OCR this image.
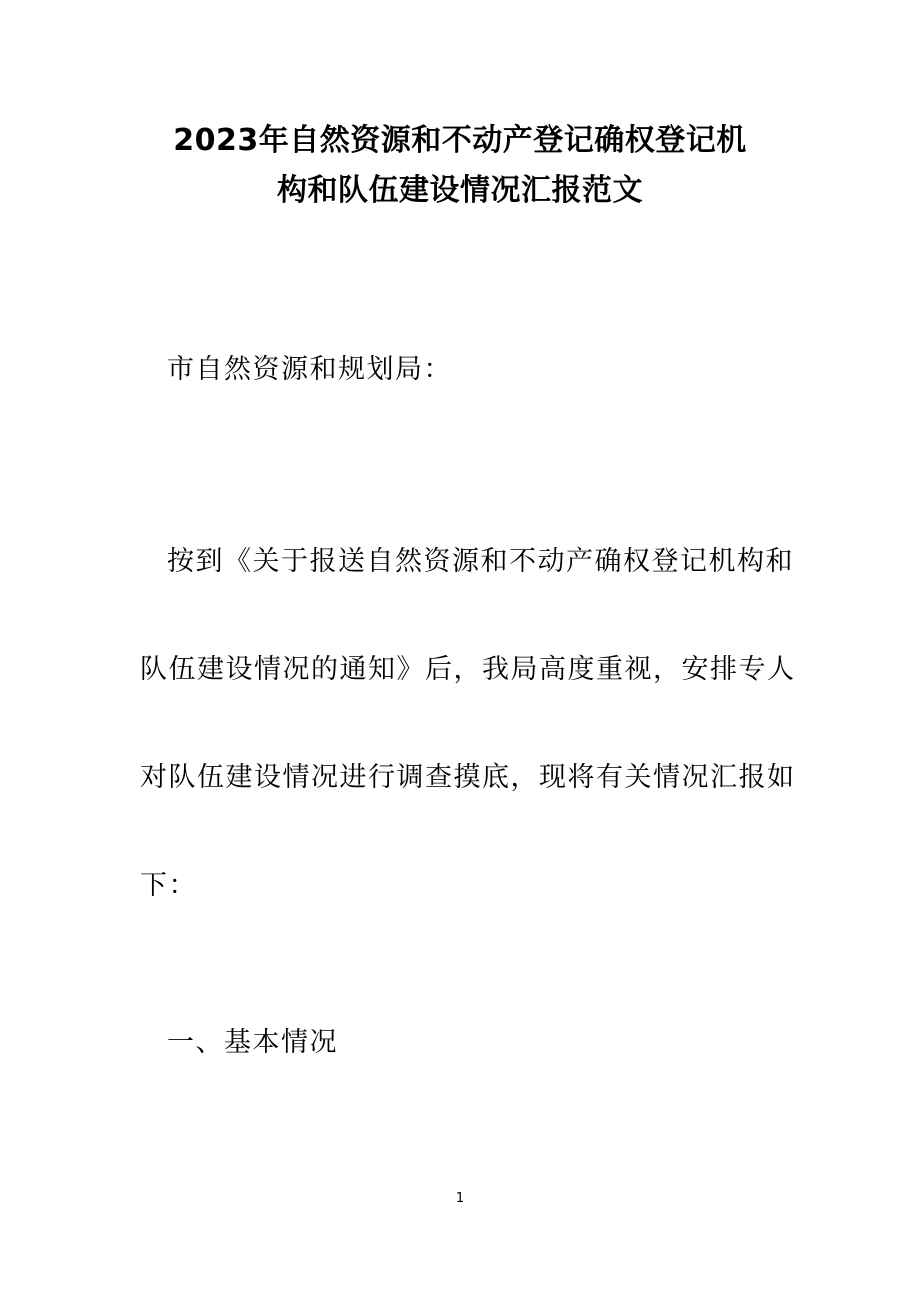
2023年自然资源和不动产登记确权登记机
构和队伍建设情况汇报范文
市自然资源和规划局：
按到《关于报送自然资源和不动产确权登记机构和
队伍建设情况的通知》后，我局高度重视，安排专人
对队伍建设情况进行调查摸底，现将有关情况汇报如
下：
一、基本情况
1
